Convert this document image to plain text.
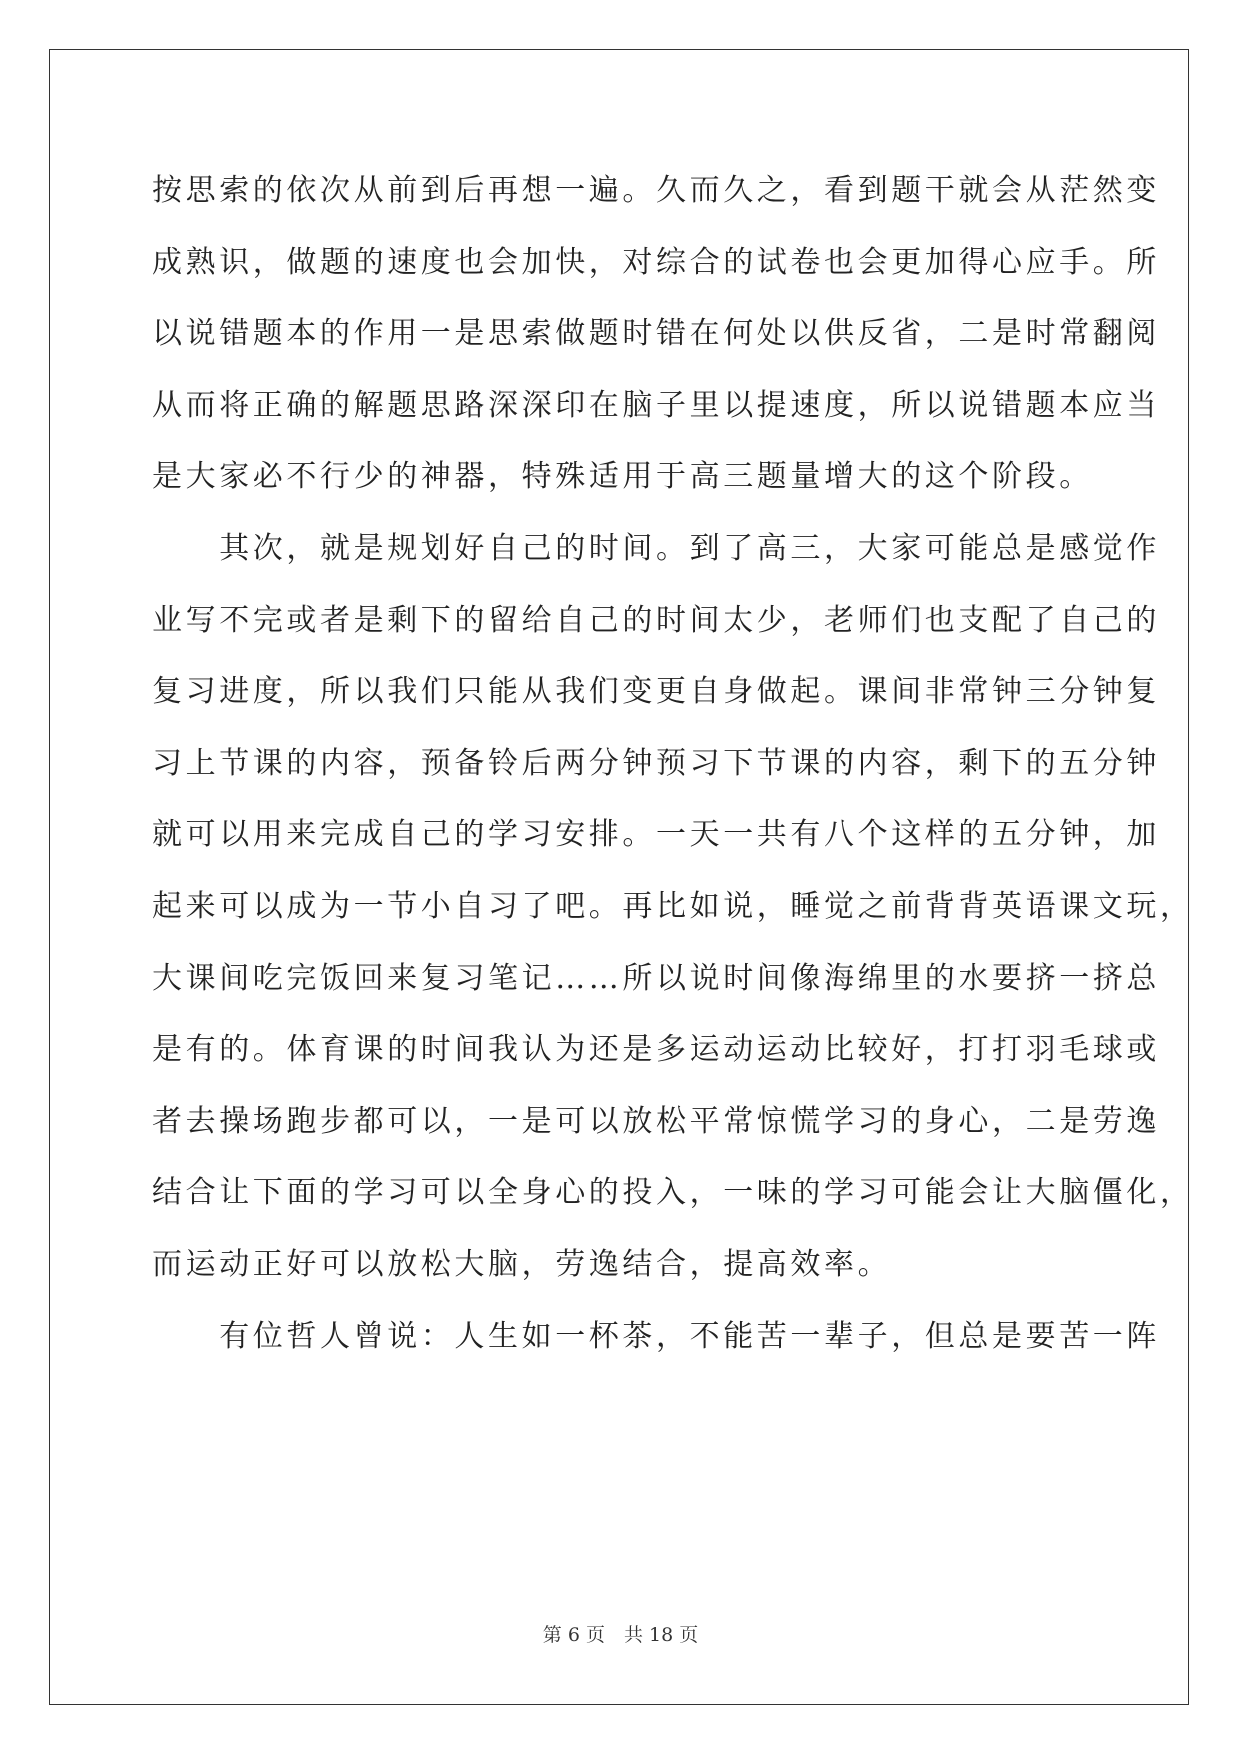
按思索的依次从前到后再想一遍。久而久之，看到题干就会从茫然变
成熟识，做题的速度也会加快，对综合的试卷也会更加得心应手。所
以说错题本的作用一是思索做题时错在何处以供反省，二是时常翻阅
从而将正确的解题思路深深印在脑子里以提速度，所以说错题本应当
是大家必不行少的神器，特殊适用于高三题量增大的这个阶段。
　　其次，就是规划好自己的时间。到了高三，大家可能总是感觉作
业写不完或者是剩下的留给自己的时间太少，老师们也支配了自己的
复习进度，所以我们只能从我们变更自身做起。课间非常钟三分钟复
习上节课的内容，预备铃后两分钟预习下节课的内容，剩下的五分钟
就可以用来完成自己的学习安排。一天一共有八个这样的五分钟，加
起来可以成为一节小自习了吧。再比如说，睡觉之前背背英语课文玩，
大课间吃完饭回来复习笔记……所以说时间像海绵里的水要挤一挤总
是有的。体育课的时间我认为还是多运动运动比较好，打打羽毛球或
者去操场跑步都可以，一是可以放松平常惊慌学习的身心，二是劳逸
结合让下面的学习可以全身心的投入，一味的学习可能会让大脑僵化，
而运动正好可以放松大脑，劳逸结合，提高效率。
　　有位哲人曾说：人生如一杯茶，不能苦一辈子，但总是要苦一阵
第 6 页　共 18 页
